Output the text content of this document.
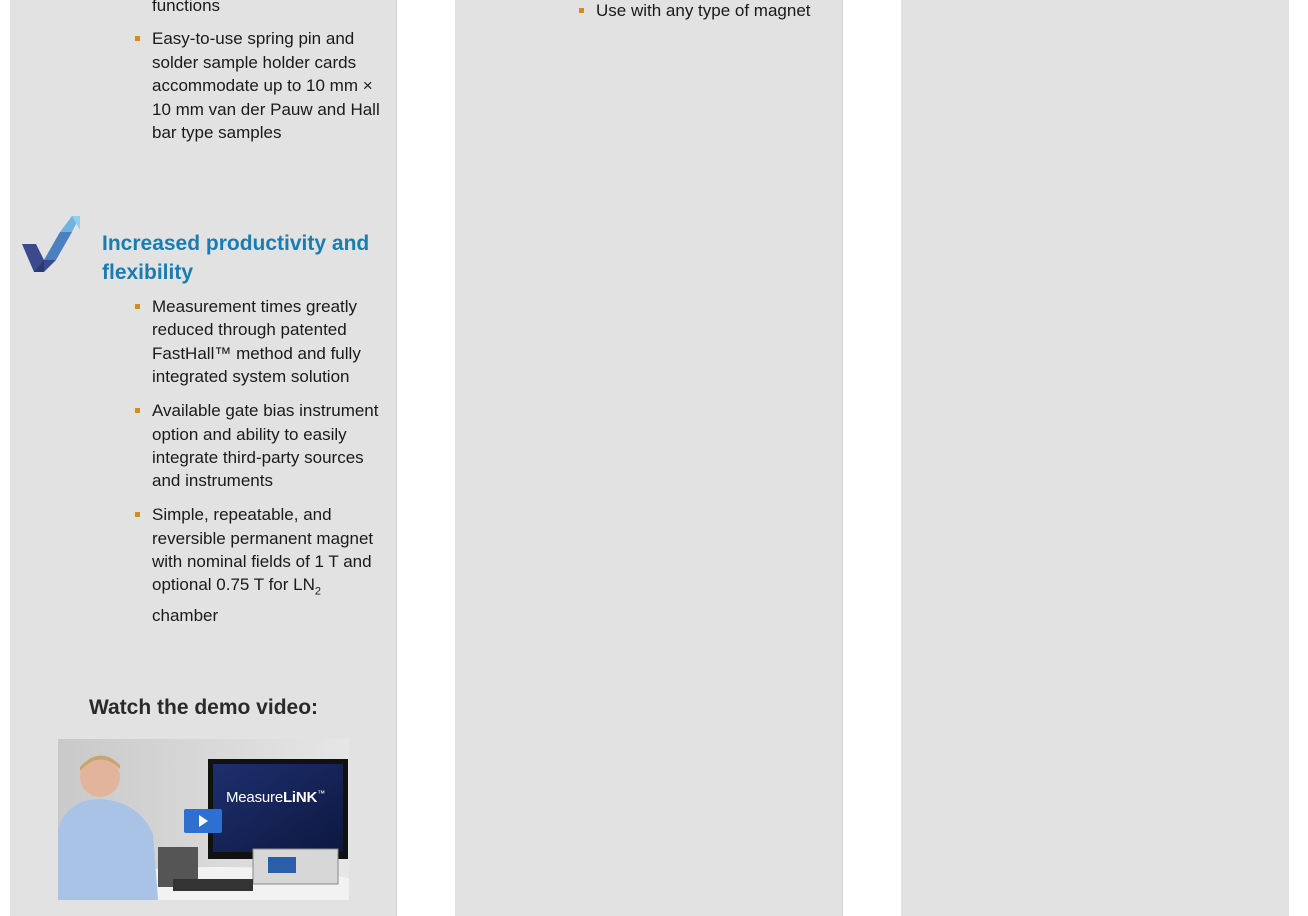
functions
Easy-to-use spring pin and solder sample holder cards accommodate up to 10 mm × 10 mm van der Pauw and Hall bar type samples
Increased productivity and flexibility
Measurement times greatly reduced through patented FastHall™ method and fully integrated system solution
Available gate bias instrument option and ability to easily integrate third-party sources and instruments
Simple, repeatable, and reversible permanent magnet with nominal fields of 1 T and optional 0.75 T for $LN_2$ chamber
Watch the demo video:
MeasureLiNK™
Use with any type of magnet
